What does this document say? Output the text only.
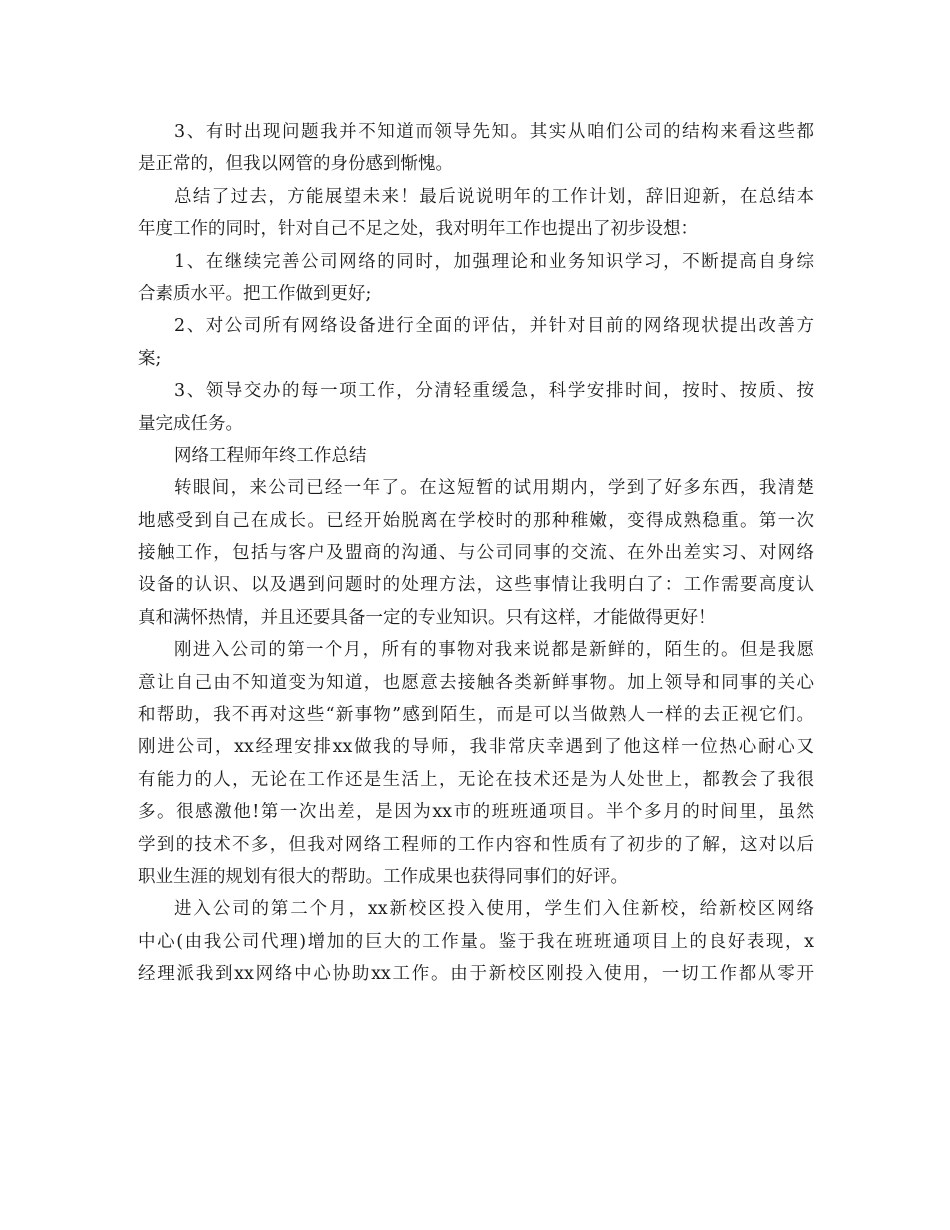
3、有时出现问题我并不知道而领导先知。其实从咱们公司的结构来看这些都
是正常的，但我以网管的身份感到惭愧。
总结了过去，方能展望未来！最后说说明年的工作计划，辞旧迎新，在总结本
年度工作的同时，针对自己不足之处，我对明年工作也提出了初步设想：
1、在继续完善公司网络的同时，加强理论和业务知识学习，不断提高自身综
合素质水平。把工作做到更好;
2、对公司所有网络设备进行全面的评估，并针对目前的网络现状提出改善方
案;
3、领导交办的每一项工作，分清轻重缓急，科学安排时间，按时、按质、按
量完成任务。
网络工程师年终工作总结
转眼间，来公司已经一年了。在这短暂的试用期内，学到了好多东西，我清楚
地感受到自己在成长。已经开始脱离在学校时的那种稚嫩，变得成熟稳重。第一次
接触工作，包括与客户及盟商的沟通、与公司同事的交流、在外出差实习、对网络
设备的认识、以及遇到问题时的处理方法，这些事情让我明白了：工作需要高度认
真和满怀热情，并且还要具备一定的专业知识。只有这样，才能做得更好！
刚进入公司的第一个月，所有的事物对我来说都是新鲜的，陌生的。但是我愿
意让自己由不知道变为知道，也愿意去接触各类新鲜事物。加上领导和同事的关心
和帮助，我不再对这些“新事物”感到陌生，而是可以当做熟人一样的去正视它们。
刚进公司，xx经理安排xx做我的导师，我非常庆幸遇到了他这样一位热心耐心又
有能力的人，无论在工作还是生活上，无论在技术还是为人处世上，都教会了我很
多。很感激他!第一次出差，是因为xx市的班班通项目。半个多月的时间里，虽然
学到的技术不多，但我对网络工程师的工作内容和性质有了初步的了解，这对以后
职业生涯的规划有很大的帮助。工作成果也获得同事们的好评。
进入公司的第二个月，xx新校区投入使用，学生们入住新校，给新校区网络
中心(由我公司代理)增加的巨大的工作量。鉴于我在班班通项目上的良好表现，x
经理派我到xx网络中心协助xx工作。由于新校区刚投入使用，一切工作都从零开
